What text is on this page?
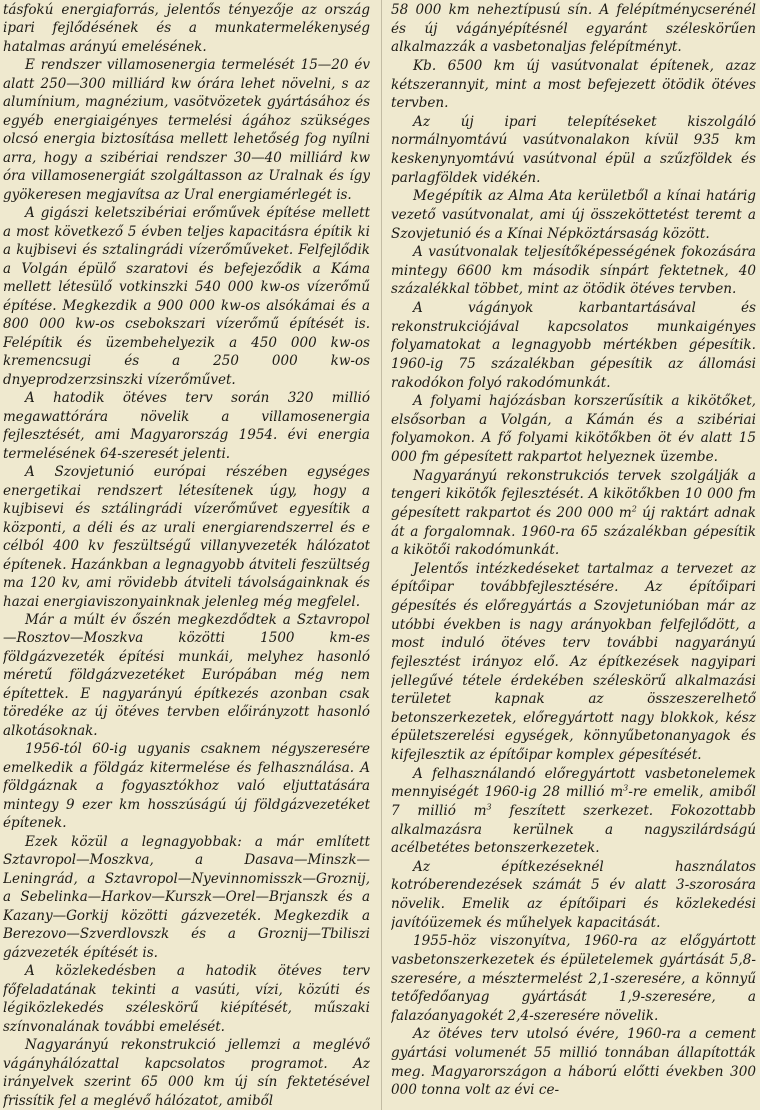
tásfokú energiaforrás, jelentős tényezője az ország ipari fejlődésének és a munkatermelékenység hatalmas arányú emelésének.

E rendszer villamosenergia termelését 15—20 év alatt 250—300 milliárd kw órára lehet növelni, s az alumínium, magnézium, vasötvözetek gyártásához és egyéb energiaigényes termelési ágához szükséges olcsó energia biztosítása mellett lehetőség fog nyílni arra, hogy a szibériai rendszer 30—40 milliárd kw óra villamosenergiát szolgáltasson az Uralnak és így gyökeresen megjavítsa az Ural energiamérlegét is.

A gigászi keletszibériai erőművek építése mellett a most következő 5 évben teljes kapacitásra építik ki a kujbisevi és sztalingrádi vízerőműveket. Felfejlődik a Volgán épülő szaratovi és befejeződik a Káma mellett létesülő votkinszki 540 000 kw-os vízerőmű építése. Megkezdik a 900 000 kw-os alsókámai és a 800 000 kw-os csebokszari vízerőmű építését is. Felépítik és üzembehelyezik a 450 000 kw-os kremencsugi és a 250 000 kw-os dnyeprodzerzsinszki vízerőművet.

A hatodik ötéves terv során 320 millió megawattórára növelik a villamosenergia fejlesztését, ami Magyarország 1954. évi energia termelésének 64-szeresét jelenti.

A Szovjetunió európai részében egységes energetikai rendszert létesítenek úgy, hogy a kujbisevi és sztálingrádi vízerőművet egyesítik a központi, a déli és az urali energiarendszerrel és e célból 400 kv feszültségű villanyvezeték hálózatot építenek. Hazánkban a legnagyobb átviteli feszültség ma 120 kv, ami rövidebb átviteli távolságainknak és hazai energiaviszonyainknak jelenleg még megfelel.

Már a múlt év őszén megkezdődtek a Sztavropol—Rosztov—Moszkva közötti 1500 km-es földgázvezeték építési munkái, melyhez hasonló méretű földgázvezetéket Európában még nem építettek. E nagyarányú építkezés azonban csak töredéke az új ötéves tervben előirányzott hasonló alkotásoknak.

1956-tól 60-ig ugyanis csaknem négyszeresére emelkedik a földgáz kitermelése és felhasználása. A földgáznak a fogyasztókhoz való eljuttatására mintegy 9 ezer km hosszúságú új földgázvezetéket építenek.

Ezek közül a legnagyobbak: a már említett Sztavropol—Moszkva, a Dasava—Minszk—Leningrád, a Sztavropol—Nyevinnomisszk—Groznij, a Sebelinka—Harkov—Kurszk—Orel—Brjanszk és a Kazany—Gorkij közötti gázvezeték. Megkezdik a Berezovo—Szverdlovszk és a Groznij—Tbiliszi gázvezeték építését is.

A közlekedésben a hatodik ötéves terv főfeladatának tekinti a vasúti, vízi, közúti és légiközlekedés széleskörű kiépítését, műszaki színvonalának további emelését.

Nagyarányú rekonstrukció jellemzi a meglévő vágányhálózattal kapcsolatos programot. Az irányelvek szerint 65 000 km új sín fektetésével frissítik fel a meglévő hálózatot, amiből

58 000 km neheztípusú sín. A felépítménycserénél és új vágányépítésnél egyaránt széleskörűen alkalmazzák a vasbetonaljas felépítményt.

Kb. 6500 km új vasútvonalat építenek, azaz kétszerannyit, mint a most befejezett ötödik ötéves tervben.

Az új ipari telepítéseket kiszolgáló normálnyomtávú vasútvonalakon kívül 935 km keskenynyomtávú vasútvonal épül a szűzföldek és parlagföldek vidékén.

Megépítik az Alma Ata kerületből a kínai határig vezető vasútvonalat, ami új összeköttetést teremt a Szovjetunió és a Kínai Népköztársaság között.

A vasútvonalak teljesítőképességének fokozására mintegy 6600 km második sínpárt fektetnek, 40 százalékkal többet, mint az ötödik ötéves tervben.

A vágányok karbantartásával és rekonstrukciójával kapcsolatos munkaigényes folyamatokat a legnagyobb mértékben gépesítik. 1960-ig 75 százalékban gépesítik az állomási rakodókon folyó rakodómunkát.

A folyami hajózásban korszerűsítik a kikötőket, elsősorban a Volgán, a Kámán és a szibériai folyamokon. A fő folyami kikötőkben öt év alatt 15 000 fm gépesített rakpartot helyeznek üzembe.

Nagyarányú rekonstrukciós tervek szolgálják a tengeri kikötők fejlesztését. A kikötőkben 10 000 fm gépesített rakpartot és 200 000 $m^2$ új raktárt adnak át a forgalomnak. 1960-ra 65 százalékban gépesítik a kikötői rakodómunkát.

Jelentős intézkedéseket tartalmaz a tervezet az építőipar továbbfejlesztésére. Az építőipari gépesítés és előregyártás a Szovjetunióban már az utóbbi években is nagy arányokban felfejlődött, a most induló ötéves terv további nagyarányú fejlesztést irányoz elő. Az építkezések nagyipari jellegűvé tétele érdekében széleskörű alkalmazási területet kapnak az összeszerelhető betonszerkezetek, előregyártott nagy blokkok, kész épületszerelési egységek, könnyűbetonanyagok és kifejlesztik az építőipar komplex gépesítését.

A felhasználandó előregyártott vasbetonelemek mennyiségét 1960-ig 28 millió $m^3-re$ emelik, amiből 7 millió $m^3$ feszített szerkezet. Fokozottabb alkalmazásra kerülnek a nagyszilárdságú acélbetétes betonszerkezetek.

Az építkezéseknél használatos kotróberendezések számát 5 év alatt 3-szorosára növelik. Emelik az építőipari és közlekedési javítóüzemek és műhelyek kapacitását.

1955-höz viszonyítva, 1960-ra az előgyártott vasbetonszerkezetek és épületelemek gyártását 5,8-szeresére, a mésztermelést 2,1-szeresére, a könnyű tetőfedőanyag gyártását 1,9-szeresére, a falazóanyagokét 2,4-szeresére növelik.

Az ötéves terv utolsó évére, 1960-ra a cement gyártási volumenét 55 millió tonnában állapították meg. Magyarországon a háború előtti években 300 000 tonna volt az évi ce-
